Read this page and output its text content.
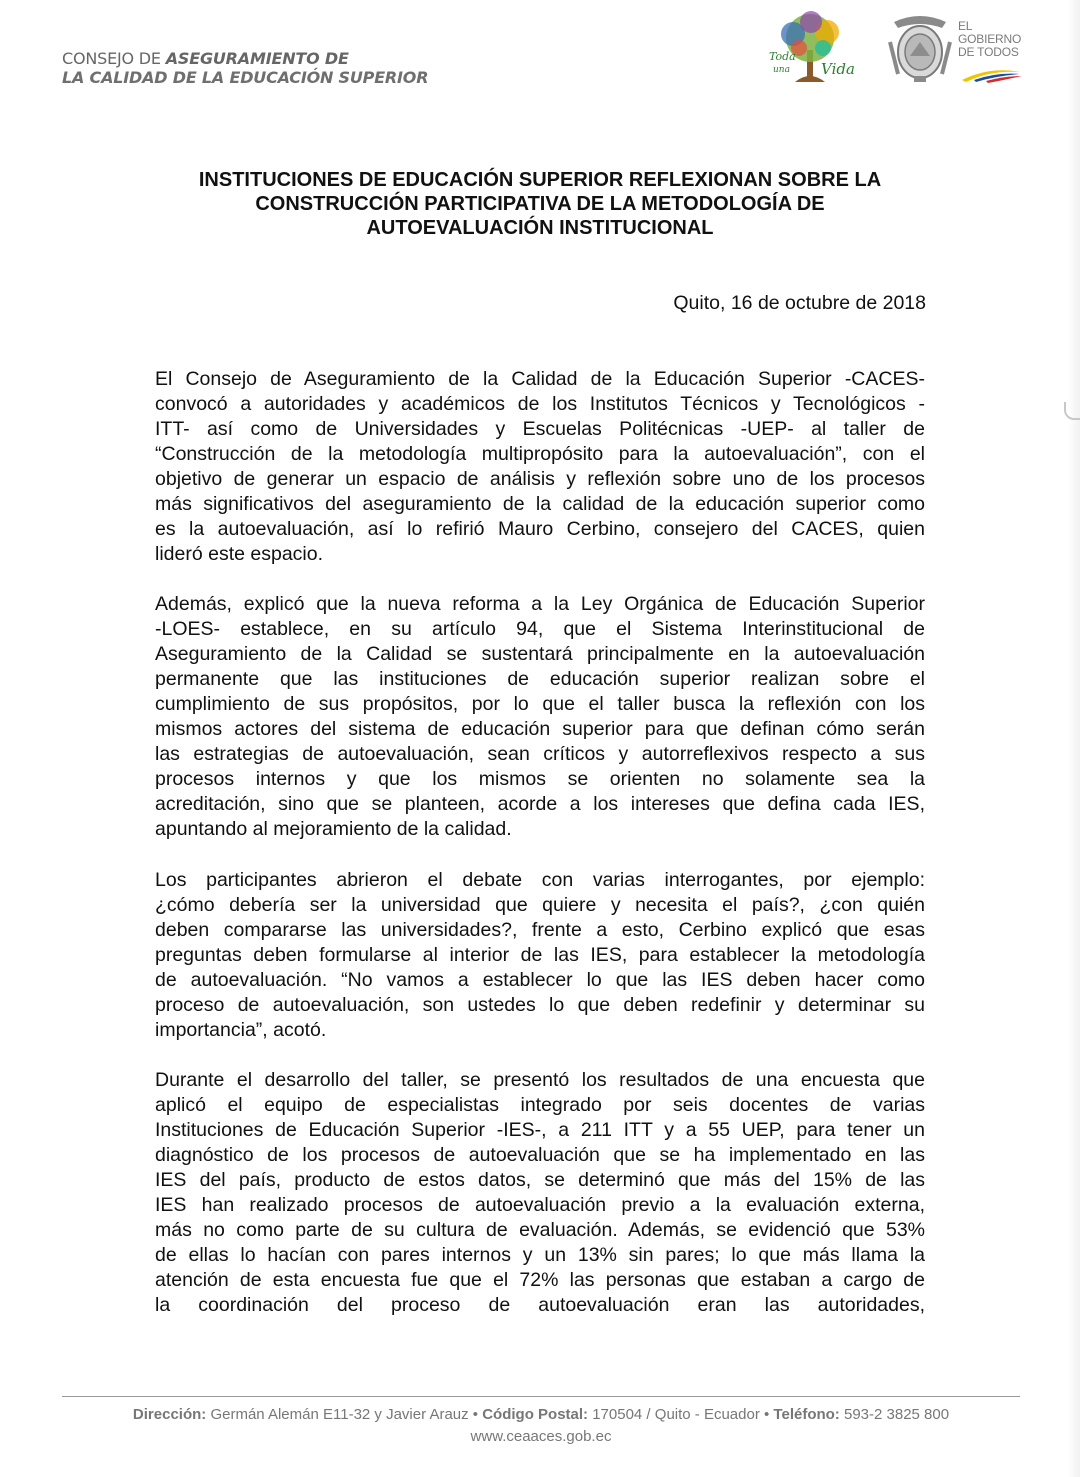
CONSEJO DE ASEGURAMIENTO DE
LA CALIDAD DE LA EDUCACIÓN SUPERIOR
Toda
una Vida
EL
GOBIERNO
DE TODOS
INSTITUCIONES DE EDUCACIÓN SUPERIOR REFLEXIONAN SOBRE LA
CONSTRUCCIÓN PARTICIPATIVA DE LA METODOLOGÍA DE
AUTOEVALUACIÓN INSTITUCIONAL
Quito, 16 de octubre de 2018
El Consejo de Aseguramiento de la Calidad de la Educación Superior -CACES-
convocó a autoridades y académicos de los Institutos Técnicos y Tecnológicos -
ITT- así como de Universidades y Escuelas Politécnicas -UEP- al taller de
“Construcción de la metodología multipropósito para la autoevaluación”, con el
objetivo de generar un espacio de análisis y reflexión sobre uno de los procesos
más significativos del aseguramiento de la calidad de la educación superior como
es la autoevaluación, así lo refirió Mauro Cerbino, consejero del CACES, quien
lideró este espacio.
Además, explicó que la nueva reforma a la Ley Orgánica de Educación Superior
-LOES- establece, en su artículo 94, que el Sistema Interinstitucional de
Aseguramiento de la Calidad se sustentará principalmente en la autoevaluación
permanente que las instituciones de educación superior realizan sobre el
cumplimiento de sus propósitos, por lo que el taller busca la reflexión con los
mismos actores del sistema de educación superior para que definan cómo serán
las estrategias de autoevaluación, sean críticos y autorreflexivos respecto a sus
procesos internos y que los mismos se orienten no solamente sea la
acreditación, sino que se planteen, acorde a los intereses que defina cada IES,
apuntando al mejoramiento de la calidad.
Los participantes abrieron el debate con varias interrogantes, por ejemplo:
¿cómo debería ser la universidad que quiere y necesita el país?, ¿con quién
deben compararse las universidades?, frente a esto, Cerbino explicó que esas
preguntas deben formularse al interior de las IES, para establecer la metodología
de autoevaluación. “No vamos a establecer lo que las IES deben hacer como
proceso de autoevaluación, son ustedes lo que deben redefinir y determinar su
importancia”, acotó.
Durante el desarrollo del taller, se presentó los resultados de una encuesta que
aplicó el equipo de especialistas integrado por seis docentes de varias
Instituciones de Educación Superior -IES-, a 211 ITT y a 55 UEP, para tener un
diagnóstico de los procesos de autoevaluación que se ha implementado en las
IES del país, producto de estos datos, se determinó que más del 15% de las
IES han realizado procesos de autoevaluación previo a la evaluación externa,
más no como parte de su cultura de evaluación. Además, se evidenció que 53%
de ellas lo hacían con pares internos y un 13% sin pares; lo que más llama la
atención de esta encuesta fue que el 72% las personas que estaban a cargo de
la coordinación del proceso de autoevaluación eran las autoridades,
Dirección: Germán Alemán E11-32 y Javier Arauz • Código Postal: 170504 / Quito - Ecuador • Teléfono: 593-2 3825 800
www.ceaaces.gob.ec
